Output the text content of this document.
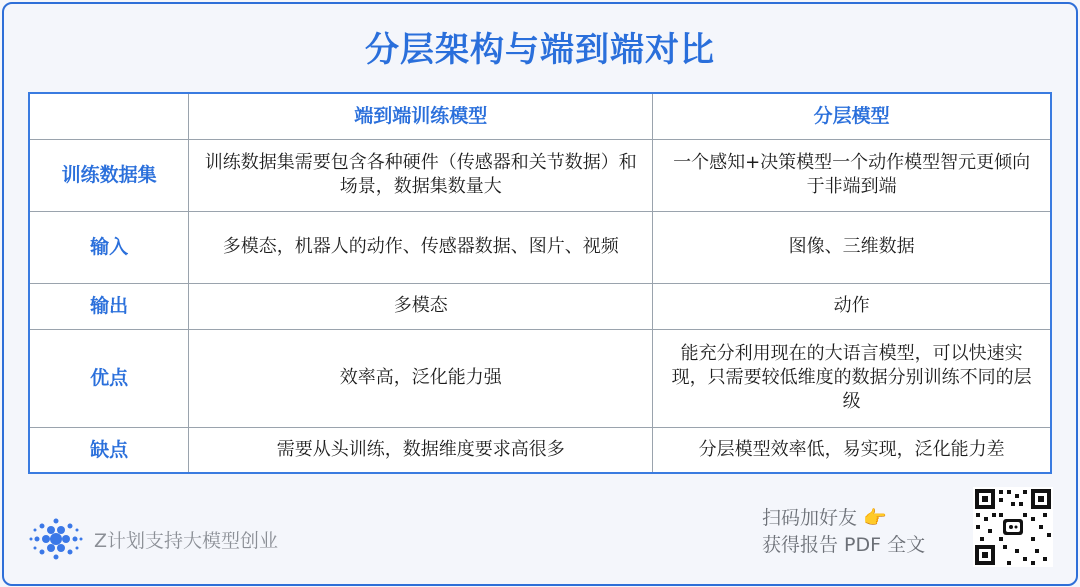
分层架构与端到端对比
	端到端训练模型	分层模型
训练数据集	训练数据集需要包含各种硬件（传感器和关节数据）和场景，数据集数量大	一个感知+决策模型一个动作模型智元更倾向于非端到端
输入	多模态，机器人的动作、传感器数据、图片、视频	图像、三维数据
输出	多模态	动作
优点	效率高，泛化能力强	能充分利用现在的大语言模型，可以快速实现，只需要较低维度的数据分别训练不同的层级
缺点	需要从头训练，数据维度要求高很多	分层模型效率低，易实现，泛化能力差
Z计划支持大模型创业
扫码加好友 👉
获得报告 PDF 全文
